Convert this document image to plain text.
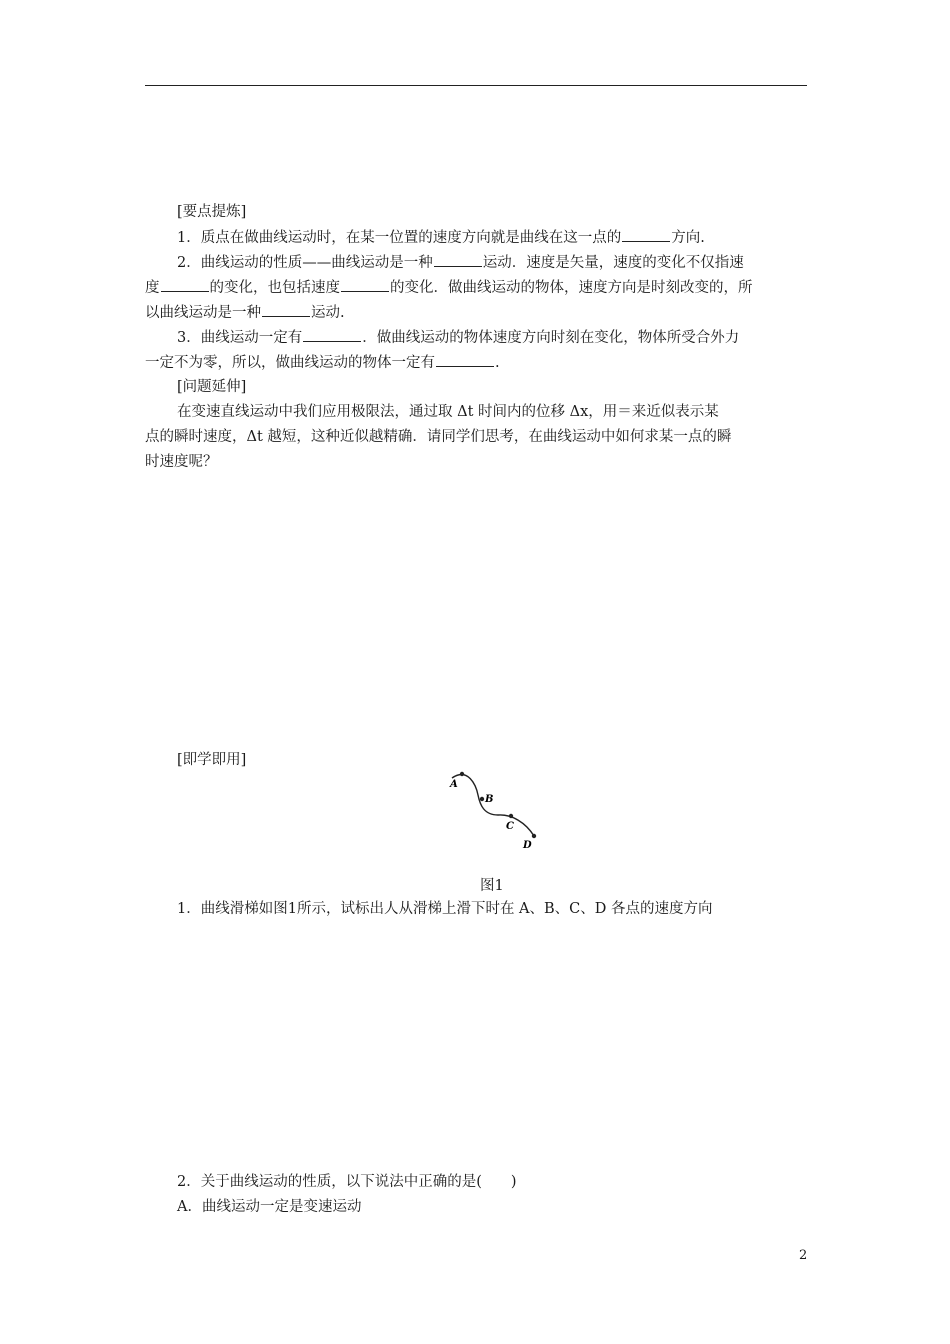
[要点提炼]
1．质点在做曲线运动时，在某一位置的速度方向就是曲线在这一点的	方向.
2．曲线运动的性质——曲线运动是一种	运动．速度是矢量，速度的变化不仅指速
度	的变化，也包括速度	的变化．做曲线运动的物体，速度方向是时刻改变的，所
以曲线运动是一种	运动.
3．曲线运动一定有	．做曲线运动的物体速度方向时刻在变化，物体所受合外力
一定不为零，所以，做曲线运动的物体一定有	.
[问题延伸]
在变速直线运动中我们应用极限法，通过取 Δt 时间内的位移 Δx，用＝来近似表示某
点的瞬时速度，Δt 越短，这种近似越精确．请同学们思考，在曲线运动中如何求某一点的瞬
时速度呢？
[即学即用]
A
B
C
D
图1
1．曲线滑梯如图1所示，试标出人从滑梯上滑下时在 A、B、C、D 各点的速度方向
2．关于曲线运动的性质，以下说法中正确的是(　　)
A．曲线运动一定是变速运动
2
